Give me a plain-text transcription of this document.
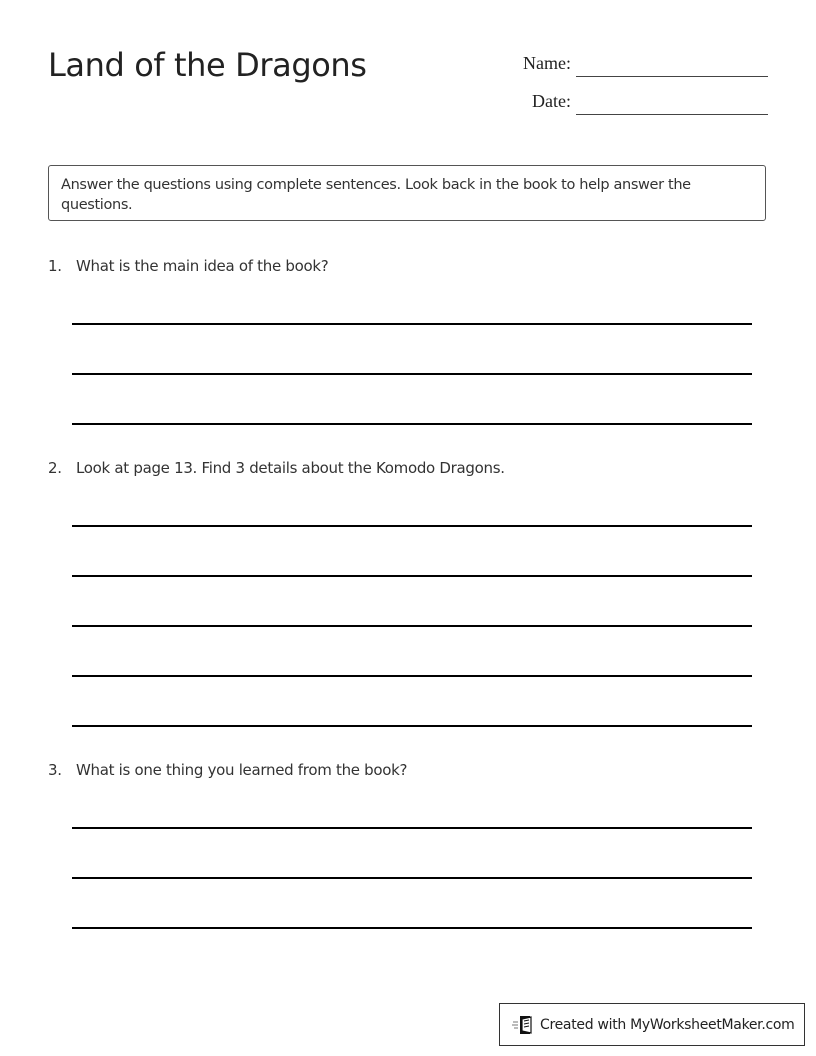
Land of the Dragons	Name:
Date:
Answer the questions using complete sentences. Look back in the book to help answer the questions.
1. What is the main idea of the book?
2. Look at page 13. Find 3 details about the Komodo Dragons.
3. What is one thing you learned from the book?
Created with MyWorksheetMaker.com
